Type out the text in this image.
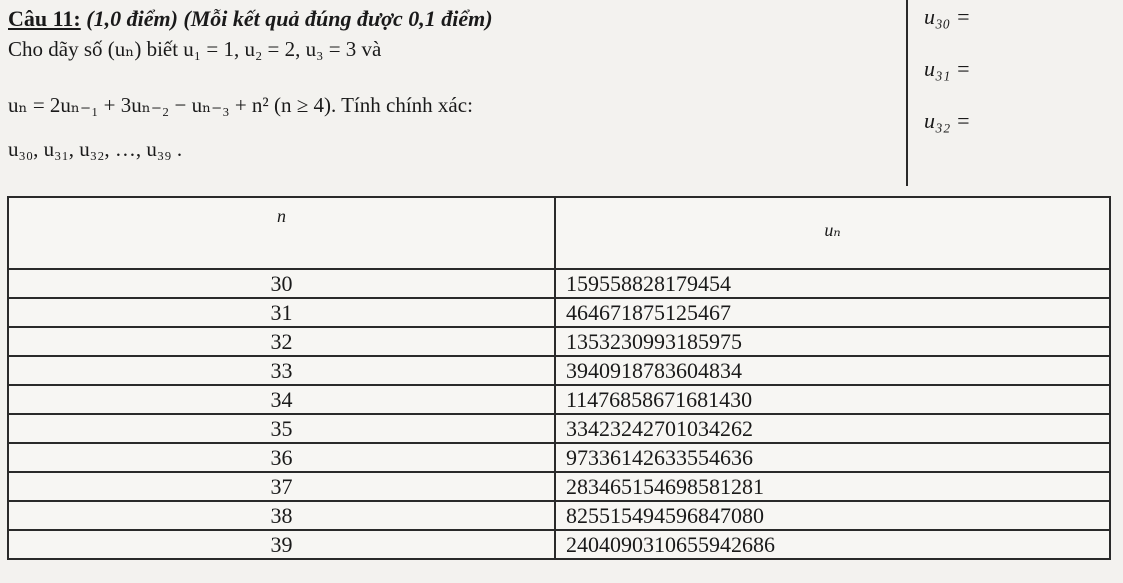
Câu 11: (1,0 điểm) (Mỗi kết quả đúng được 0,1 điểm)
Cho dãy số (uₙ) biết u₁ = 1, u₂ = 2, u₃ = 3 và
uₙ = 2uₙ₋₁ + 3uₙ₋₂ − uₙ₋₃ + n² (n ≥ 4). Tính chính xác:
u₃₀, u₃₁, u₃₂, …, u₃₉ .
u₃₀ =
u₃₁ =
u₃₂ =
n	uₙ
30	159558828179454
31	464671875125467
32	1353230993185975
33	3940918783604834
34	11476858671681430
35	33423242701034262
36	97336142633554636
37	283465154698581281
38	825515494596847080
39	2404090310655942686
